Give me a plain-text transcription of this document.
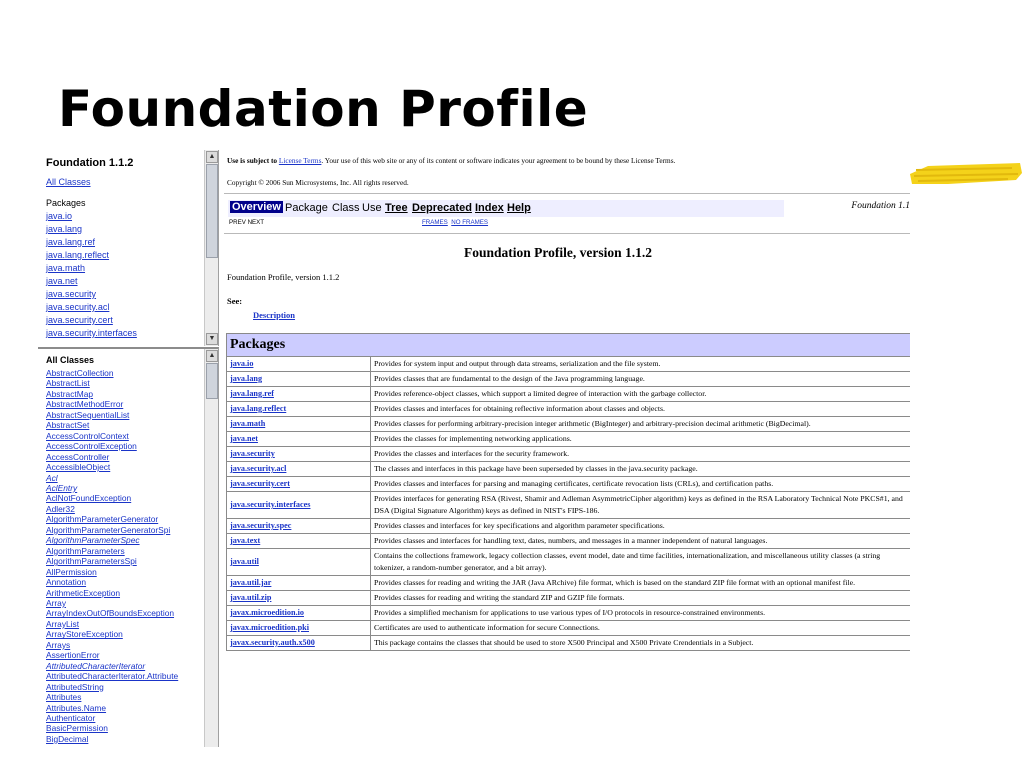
Foundation Profile
Foundation 1.1.2
All Classes
Packages
java.io
java.lang
java.lang.ref
java.lang.reflect
java.math
java.net
java.security
java.security.acl
java.security.cert
java.security.interfaces
▲
▼
All Classes
AbstractCollection
AbstractList
AbstractMap
AbstractMethodError
AbstractSequentialList
AbstractSet
AccessControlContext
AccessControlException
AccessController
AccessibleObject
Acl
AclEntry
AclNotFoundException
Adler32
AlgorithmParameterGenerator
AlgorithmParameterGeneratorSpi
AlgorithmParameterSpec
AlgorithmParameters
AlgorithmParametersSpi
AllPermission
Annotation
ArithmeticException
Array
ArrayIndexOutOfBoundsException
ArrayList
ArrayStoreException
Arrays
AssertionError
AttributedCharacterIterator
AttributedCharacterIterator.Attribute
AttributedString
Attributes
Attributes.Name
Authenticator
BasicPermission
BigDecimal
▲
Use is subject to License Terms. Your use of this web site or any of its content or software indicates your agreement to be bound by these License Terms.
Copyright © 2006 Sun Microsystems, Inc. All rights reserved.
Overview Package Class Use Tree Deprecated Index Help	Foundation 1.1
PREV NEXT	FRAMES NO FRAMES
Foundation Profile, version 1.1.2
Foundation Profile, version 1.1.2
See:
Description
Packages	
java.io	Provides for system input and output through data streams, serialization and the file system.
java.lang	Provides classes that are fundamental to the design of the Java programming language.
java.lang.ref	Provides reference-object classes, which support a limited degree of interaction with the garbage collector.
java.lang.reflect	Provides classes and interfaces for obtaining reflective information about classes and objects.
java.math	Provides classes for performing arbitrary-precision integer arithmetic (BigInteger) and arbitrary-precision decimal arithmetic (BigDecimal).
java.net	Provides the classes for implementing networking applications.
java.security	Provides the classes and interfaces for the security framework.
java.security.acl	The classes and interfaces in this package have been superseded by classes in the java.security package.
java.security.cert	Provides classes and interfaces for parsing and managing certificates, certificate revocation lists (CRLs), and certification paths.
java.security.interfaces	Provides interfaces for generating RSA (Rivest, Shamir and Adleman AsymmetricCipher algorithm) keys as defined in the RSA Laboratory Technical Note PKCS#1, and DSA (Digital Signature Algorithm) keys as defined in NIST's FIPS-186.
java.security.spec	Provides classes and interfaces for key specifications and algorithm parameter specifications.
java.text	Provides classes and interfaces for handling text, dates, numbers, and messages in a manner independent of natural languages.
java.util	Contains the collections framework, legacy collection classes, event model, date and time facilities, internationalization, and miscellaneous utility classes (a string tokenizer, a random-number generator, and a bit array).
java.util.jar	Provides classes for reading and writing the JAR (Java ARchive) file format, which is based on the standard ZIP file format with an optional manifest file.
java.util.zip	Provides classes for reading and writing the standard ZIP and GZIP file formats.
javax.microedition.io	Provides a simplified mechanism for applications to use various types of I/O protocols in resource-constrained environments.
javax.microedition.pki	Certificates are used to authenticate information for secure Connections.
javax.security.auth.x500	This package contains the classes that should be used to store X500 Principal and X500 Private Crendentials in a Subject.
